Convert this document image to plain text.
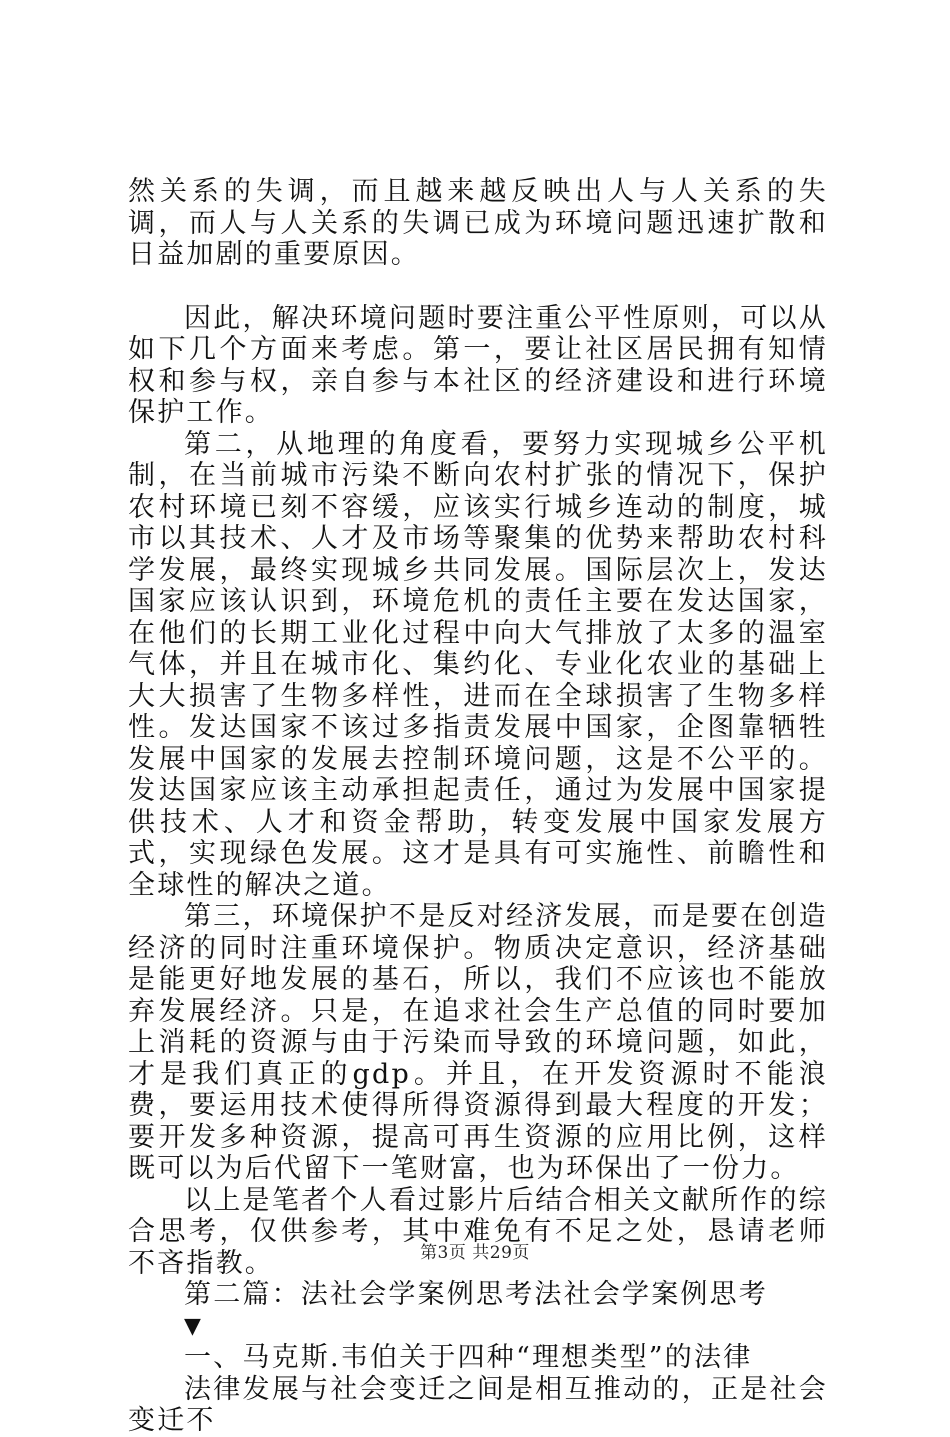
然关系的失调，而且越来越反映出人与人关系的失调，而人与人关系的失调已成为环境问题迅速扩散和日益加剧的重要原因。

因此，解决环境问题时要注重公平性原则，可以从如下几个方面来考虑。第一，要让社区居民拥有知情权和参与权，亲自参与本社区的经济建设和进行环境保护工作。

第二，从地理的角度看，要努力实现城乡公平机制，在当前城市污染不断向农村扩张的情况下，保护农村环境已刻不容缓，应该实行城乡连动的制度，城市以其技术、人才及市场等聚集的优势来帮助农村科学发展，最终实现城乡共同发展。国际层次上，发达国家应该认识到，环境危机的责任主要在发达国家，在他们的长期工业化过程中向大气排放了太多的温室气体，并且在城市化、集约化、专业化农业的基础上大大损害了生物多样性，进而在全球损害了生物多样性。发达国家不该过多指责发展中国家，企图靠牺牲发展中国家的发展去控制环境问题，这是不公平的。发达国家应该主动承担起责任，通过为发展中国家提供技术、人才和资金帮助，转变发展中国家发展方式，实现绿色发展。这才是具有可实施性、前瞻性和全球性的解决之道。

第三，环境保护不是反对经济发展，而是要在创造经济的同时注重环境保护。物质决定意识，经济基础是能更好地发展的基石，所以，我们不应该也不能放弃发展经济。只是，在追求社会生产总值的同时要加上消耗的资源与由于污染而导致的环境问题，如此，才是我们真正的gdp。并且，在开发资源时不能浪费，要运用技术使得所得资源得到最大程度的开发；要开发多种资源，提高可再生资源的应用比例，这样既可以为后代留下一笔财富，也为环保出了一份力。

以上是笔者个人看过影片后结合相关文献所作的综合思考，仅供参考，其中难免有不足之处，恳请老师不吝指教。

第二篇：法社会学案例思考法社会学案例思考

▼

一、马克斯.韦伯关于四种“理想类型”的法律

法律发展与社会变迁之间是相互推动的，正是社会变迁不

第3页 共29页
